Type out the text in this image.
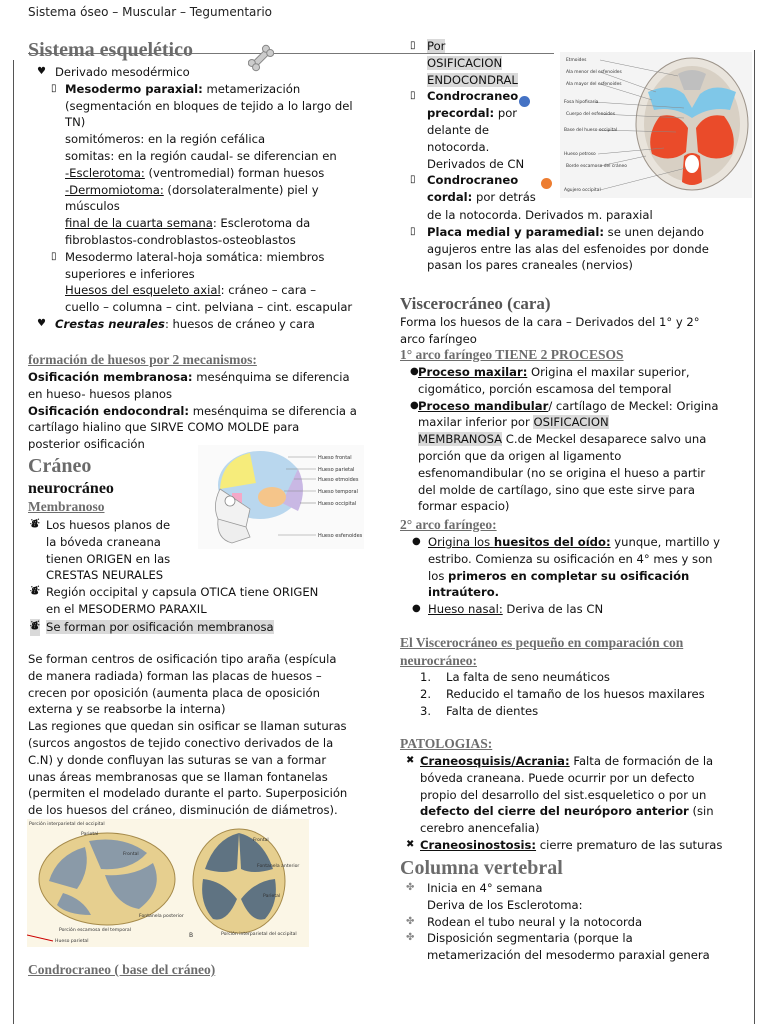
Sistema óseo – Muscular – Tegumentario
Sistema esquelético
♥ Derivado mesodérmico
▯ Mesodermo paraxial: metamerización
(segmentación en bloques de tejido a lo largo del
TN)
somitómeros: en la región cefálica
somitas: en la región caudal- se diferencian en
-Esclerotoma: (ventromedial) forman huesos
-Dermomiotoma: (dorsolateralmente) piel y
músculos
final de la cuarta semana: Esclerotoma da
fibroblastos-condroblastos-osteoblastos
▯ Mesodermo lateral-hoja somática: miembros
superiores e inferiores
Huesos del esqueleto axial: cráneo – cara –
cuello – columna – cint. pelviana – cint. escapular
♥ Crestas neurales: huesos de cráneo y cara
formación de huesos por 2 mecanismos:
Osificación membranosa: mesénquima se diferencia
en hueso- huesos planos
Osificación endocondral: mesénquima se diferencia a
cartílago hialino que SIRVE COMO MOLDE para
posterior osificación
Cráneo
neurocráneo
Membranoso
⛇ Los huesos planos de
la bóveda craneana
tienen ORIGEN en las
CRESTAS NEURALES
⛇ Región occipital y capsula OTICA tiene ORIGEN
en el MESODERMO PARAXIL
⛇ Se forman por osificación membranosa
Hueso frontal
Hueso parietal
Hueso etmoides
Hueso temporal
Hueso occipital
Hueso esfenoides
Se forman centros de osificación tipo araña (espícula
de manera radiada) forman las placas de huesos –
crecen por oposición (aumenta placa de oposición
externa y se reabsorbe la interna)
Las regiones que quedan sin osificar se llaman suturas
(surcos angostos de tejido conectivo derivados de la
C.N) y donde confluyan las suturas se van a formar
unas áreas membranosas que se llaman fontanelas
(permiten el modelado durante el parto. Superposición
de los huesos del cráneo, disminución de diámetros).
Porción interparietal del occipital
Parietal
Frontal
Fontanela posterior
Porción escamosa del temporal
Hueso parietal
Frontal
Fontanela anterior
Parietal
Porción interparietal del occipital
B
Condrocraneo ( base del cráneo)
▯ Por
OSIFICACION
ENDOCONDRAL
▯ Condrocraneo
precordal: por
delante de
notocorda.
Derivados de CN
▯ Condrocraneo
cordal: por detrás
de la notocorda. Derivados m. paraxial
▯ Placa medial y paramedial: se unen dejando
agujeros entre las alas del esfenoides por donde
pasan los pares craneales (nervios)
Etmoides
Ala menor del esfenoides
Ala mayor del esfenoides
Fosa hipofisaria
Cuerpo del esfenoides
Base del hueso occipital
Hueso petroso
Borde escamoso del cráneo
Agujero occipital
Viscerocráneo (cara)
Forma los huesos de la cara – Derivados del 1° y 2°
arco faríngeo
1° arco faríngeo TIENE 2 PROCESOS
● Proceso maxilar: Origina el maxilar superior,
cigomático, porción escamosa del temporal
● Proceso mandibular/ cartílago de Meckel: Origina
maxilar inferior por OSIFICACION
MEMBRANOSA C.de Meckel desaparece salvo una
porción que da origen al ligamento
esfenomandibular (no se origina el hueso a partir
del molde de cartílago, sino que este sirve para
formar espacio)
2° arco faríngeo:
● Origina los huesitos del oído: yunque, martillo y
estribo. Comienza su osificación en 4° mes y son
los primeros en completar su osificación
intraútero.
● Hueso nasal: Deriva de las CN
El Viscerocráneo es pequeño en comparación con
neurocráneo:
1. La falta de seno neumáticos
2. Reducido el tamaño de los huesos maxilares
3. Falta de dientes
PATOLOGIAS:
✖ Craneosquisis/Acrania: Falta de formación de la
bóveda craneana. Puede ocurrir por un defecto
propio del desarrollo del sist.esqueletico o por un
defecto del cierre del neuróporo anterior (sin
cerebro anencefalia)
✖ Craneosinostosis: cierre prematuro de las suturas
Columna vertebral
✤ Inicia en 4° semana
Deriva de los Esclerotoma:
✤ Rodean el tubo neural y la notocorda
✤ Disposición segmentaria (porque la
metamerización del mesodermo paraxial genera
